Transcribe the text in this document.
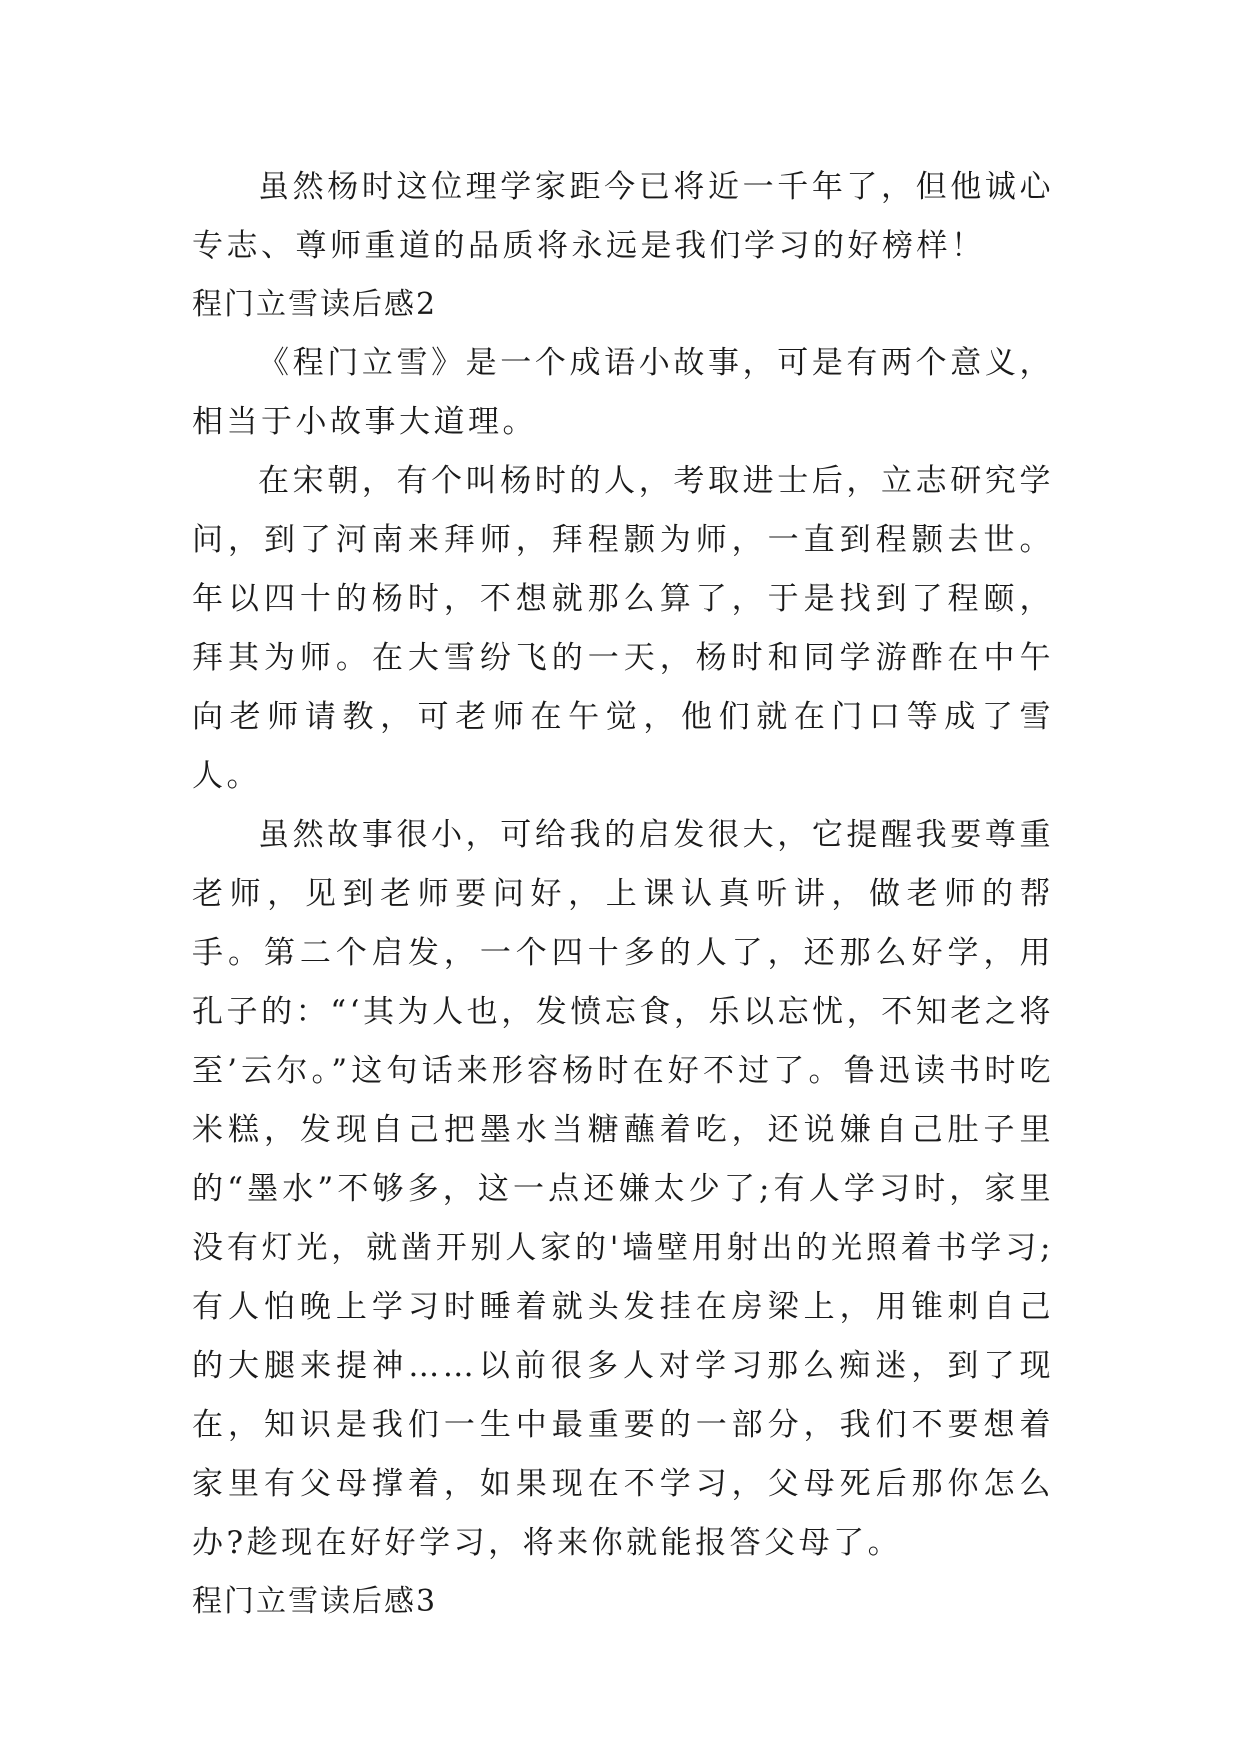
虽然杨时这位理学家距今已将近一千年了，但他诚心专志、尊师重道的品质将永远是我们学习的好榜样！

程门立雪读后感2

《程门立雪》是一个成语小故事，可是有两个意义，相当于小故事大道理。

在宋朝，有个叫杨时的人，考取进士后，立志研究学问，到了河南来拜师，拜程颢为师，一直到程颢去世。年以四十的杨时，不想就那么算了，于是找到了程颐，拜其为师。在大雪纷飞的一天，杨时和同学游酢在中午向老师请教，可老师在午觉，他们就在门口等成了雪人。

虽然故事很小，可给我的启发很大，它提醒我要尊重老师，见到老师要问好，上课认真听讲，做老师的帮手。第二个启发，一个四十多的人了，还那么好学，用孔子的：“‘其为人也，发愤忘食，乐以忘忧，不知老之将至’云尔。”这句话来形容杨时在好不过了。鲁迅读书时吃米糕，发现自己把墨水当糖蘸着吃，还说嫌自己肚子里的“墨水”不够多，这一点还嫌太少了;有人学习时，家里没有灯光，就凿开别人家的'墙壁用射出的光照着书学习;有人怕晚上学习时睡着就头发挂在房梁上，用锥刺自己的大腿来提神……以前很多人对学习那么痴迷，到了现在，知识是我们一生中最重要的一部分，我们不要想着家里有父母撑着，如果现在不学习，父母死后那你怎么办?趁现在好好学习，将来你就能报答父母了。

程门立雪读后感3
